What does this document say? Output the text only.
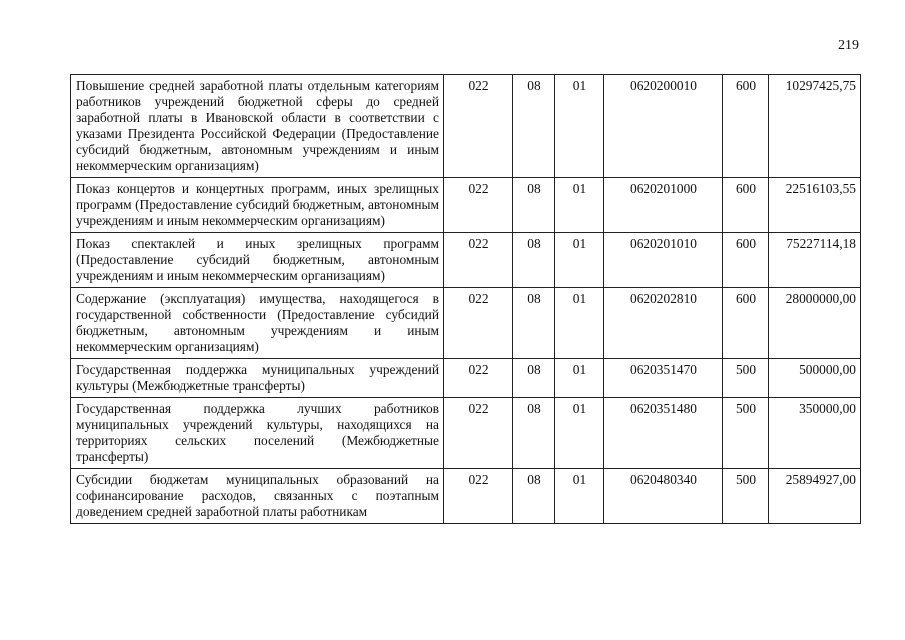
219
Повышение средней заработной платы отдельным категориям работников учреждений бюджетной сферы до средней заработной платы в Ивановской области в соответствии с указами Президента Российской Федерации (Предоставление субсидий бюджетным, автономным учреждениям и иным некоммерческим организациям)	022	08	01	0620200010	600	10297425,75
Показ концертов и концертных программ, иных зрелищных программ (Предоставление субсидий бюджетным, автономным учреждениям и иным некоммерческим организациям)	022	08	01	0620201000	600	22516103,55
Показ спектаклей и иных зрелищных программ (Предоставление субсидий бюджетным, автономным учреждениям и иным некоммерческим организациям)	022	08	01	0620201010	600	75227114,18
Содержание (эксплуатация) имущества, находящегося в государственной собственности (Предоставление субсидий бюджетным, автономным учреждениям и иным некоммерческим организациям)	022	08	01	0620202810	600	28000000,00
Государственная поддержка муниципальных учреждений культуры (Межбюджетные трансферты)	022	08	01	0620351470	500	500000,00
Государственная поддержка лучших работников муниципальных учреждений культуры, находящихся на территориях сельских поселений (Межбюджетные трансферты)	022	08	01	0620351480	500	350000,00
Субсидии бюджетам муниципальных образований на софинансирование расходов, связанных с поэтапным доведением средней заработной платы работникам	022	08	01	0620480340	500	25894927,00
